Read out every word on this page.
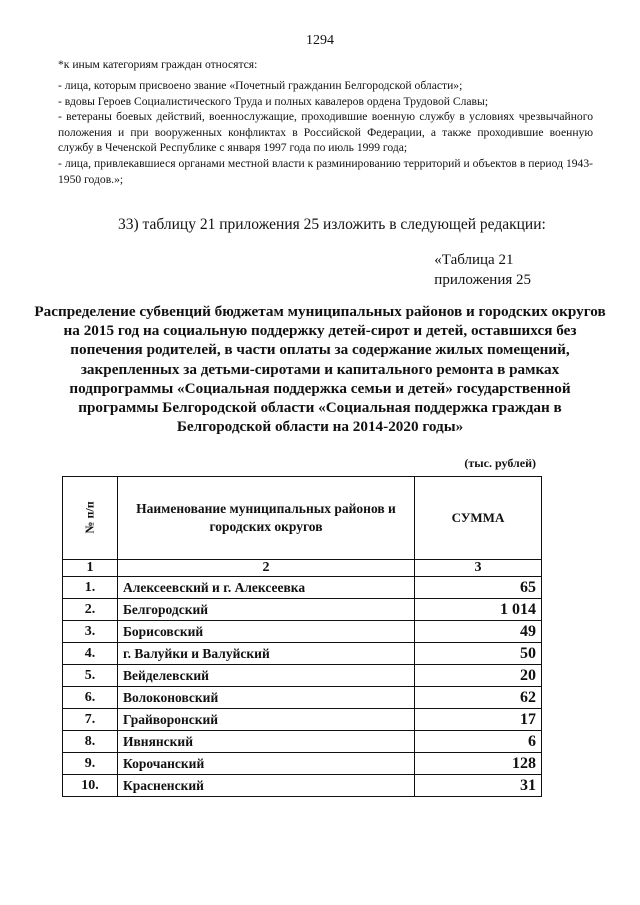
1294
*к иным категориям граждан относятся:

- лица, которым присвоено звание «Почетный гражданин Белгородской области»;

- вдовы Героев Социалистического Труда и полных кавалеров ордена Трудовой Славы;

- ветераны боевых действий, военнослужащие, проходившие военную службу в условиях чрезвычайного положения и при вооруженных конфликтах в Российской Федерации, а также проходившие военную службу в Чеченской Республике с января 1997 года по июль 1999 года;

- лица, привлекавшиеся органами местной власти к разминированию территорий и объектов в период 1943-1950 годов.»;

33) таблицу 21 приложения 25 изложить в следующей редакции:
«Таблица 21
приложения 25
Распределение субвенций бюджетам муниципальных районов и городских округов на 2015 год на социальную поддержку детей-сирот и детей, оставшихся без попечения родителей, в части оплаты за содержание жилых помещений, закрепленных за детьми-сиротами и капитального ремонта в рамках подпрограммы «Социальная поддержка семьи и детей» государственной программы Белгородской области «Социальная поддержка граждан в Белгородской области на 2014-2020 годы»
(тыс. рублей)
№ п/п	Наименование муниципальных районов и городских округов	СУММА
1	2	3
1.	Алексеевский и г. Алексеевка	65
2.	Белгородский	1 014
3.	Борисовский	49
4.	г. Валуйки и Валуйский	50
5.	Вейделевский	20
6.	Волоконовский	62
7.	Грайворонский	17
8.	Ивнянский	6
9.	Корочанский	128
10.	Красненский	31
